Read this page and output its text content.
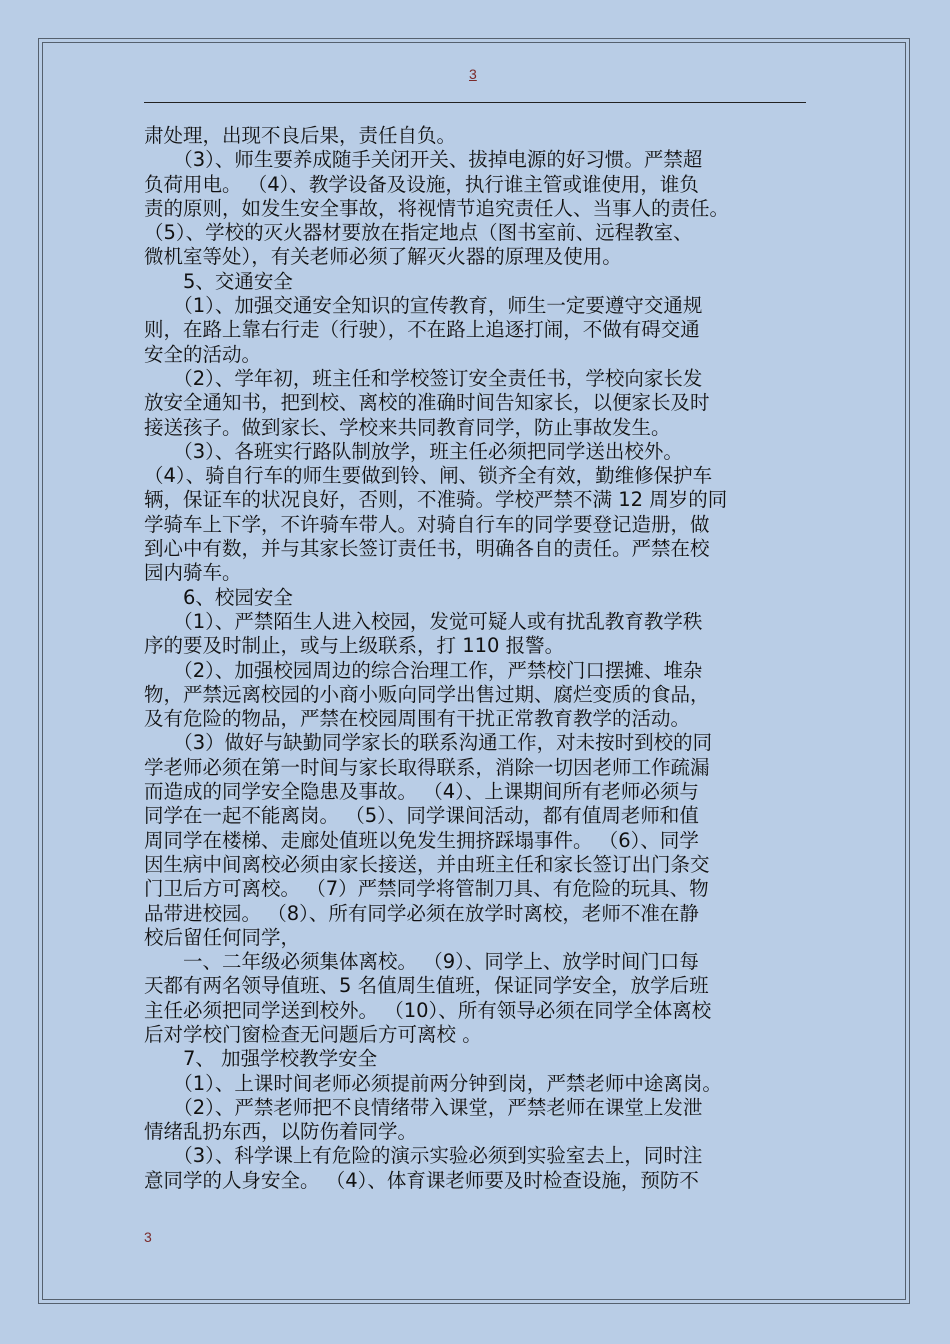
3
肃处理，出现不良后果，责任自负。
　　（3）、师生要养成随手关闭开关、拔掉电源的好习惯。严禁超
负荷用电。 （4）、教学设备及设施，执行谁主管或谁使用，谁负
责的原则，如发生安全事故，将视情节追究责任人、当事人的责任。
（5）、学校的灭火器材要放在指定地点（图书室前、远程教室、
微机室等处），有关老师必须了解灭火器的原理及使用。
　　5、交通安全
　　（1）、加强交通安全知识的宣传教育，师生一定要遵守交通规
则，在路上靠右行走（行驶），不在路上追逐打闹，不做有碍交通
安全的活动。
　　（2）、学年初，班主任和学校签订安全责任书，学校向家长发
放安全通知书，把到校、离校的准确时间告知家长，以便家长及时
接送孩子。做到家长、学校来共同教育同学，防止事故发生。
　　（3）、各班实行路队制放学，班主任必须把同学送出校外。
（4）、骑自行车的师生要做到铃、闸、锁齐全有效，勤维修保护车
辆，保证车的状况良好，否则，不准骑。学校严禁不满 12 周岁的同
学骑车上下学，不许骑车带人。对骑自行车的同学要登记造册，做
到心中有数，并与其家长签订责任书，明确各自的责任。严禁在校
园内骑车。
　　6、校园安全
　　（1）、严禁陌生人进入校园，发觉可疑人或有扰乱教育教学秩
序的要及时制止，或与上级联系，打 110 报警。
　　（2）、加强校园周边的综合治理工作，严禁校门口摆摊、堆杂
物，严禁远离校园的小商小贩向同学出售过期、腐烂变质的食品，
及有危险的物品，严禁在校园周围有干扰正常教育教学的活动。
　　（3）做好与缺勤同学家长的联系沟通工作，对未按时到校的同
学老师必须在第一时间与家长取得联系，消除一切因老师工作疏漏
而造成的同学安全隐患及事故。 （4）、上课期间所有老师必须与
同学在一起不能离岗。 （5）、同学课间活动，都有值周老师和值
周同学在楼梯、走廊处值班以免发生拥挤踩塌事件。 （6）、同学
因生病中间离校必须由家长接送，并由班主任和家长签订出门条交
门卫后方可离校。 （7）严禁同学将管制刀具、有危险的玩具、物
品带进校园。 （8）、所有同学必须在放学时离校，老师不准在静
校后留任何同学，
　　一、二年级必须集体离校。 （9）、同学上、放学时间门口每
天都有两名领导值班、5 名值周生值班，保证同学安全，放学后班
主任必须把同学送到校外。 （10）、所有领导必须在同学全体离校
后对学校门窗检查无问题后方可离校 。
　　7、 加强学校教学安全
　　（1）、上课时间老师必须提前两分钟到岗，严禁老师中途离岗。
　　（2）、严禁老师把不良情绪带入课堂，严禁老师在课堂上发泄
情绪乱扔东西，以防伤着同学。
　　（3）、科学课上有危险的演示实验必须到实验室去上，同时注
意同学的人身安全。 （4）、体育课老师要及时检查设施，预防不
3
